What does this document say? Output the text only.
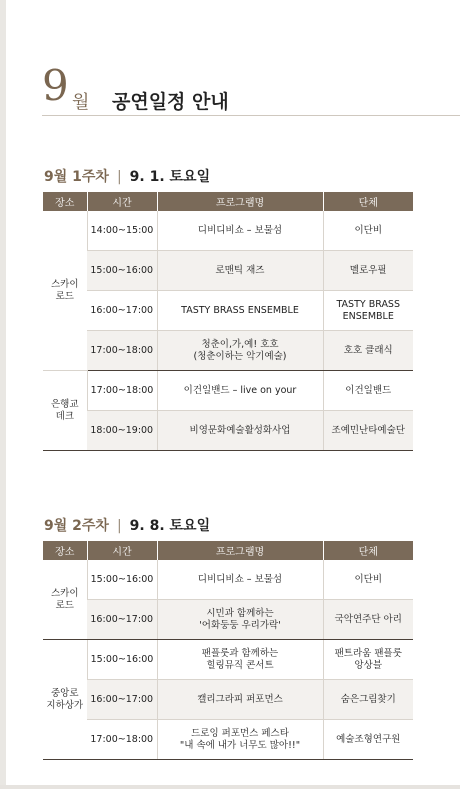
9 월 공연일정 안내
9월 1주차 | 9. 1. 토요일
장소	시간	프로그램명	단체
스카이
로드	14:00~15:00	디비디비쇼 – 보물섬	이단비
	15:00~16:00	로맨틱 재즈	멜로우필
	16:00~17:00	TASTY BRASS ENSEMBLE	TASTY BRASS
ENSEMBLE
	17:00~18:00	청춘이,가,예! 호호
(청춘이하는 악기예술)	호호 클래식
은행교
데크	17:00~18:00	이건일밴드 – live on your	이건일밴드
	18:00~19:00	비영문화예술활성화사업	조예민난타예술단
9월 2주차 | 9. 8. 토요일
장소	시간	프로그램명	단체
스카이
로드	15:00~16:00	디비디비쇼 – 보물섬	이단비
	16:00~17:00	시민과 함께하는
'어화둥둥 우리가락'	국악연주단 아리
중앙로
지하상가	15:00~16:00	팬플룻과 함께하는
힐링뮤직 콘서트	팬트라움 팬플룻
앙상블
	16:00~17:00	캘리그라피 퍼포먼스	숨은그림찾기
	17:00~18:00	드로잉 퍼포먼스 페스타
"내 속에 내가 너무도 많아!!"	예술조형연구원
